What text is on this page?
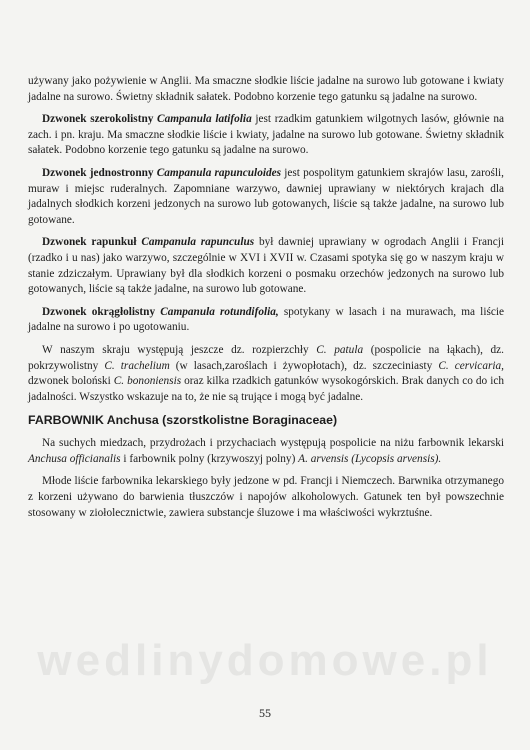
używany jako pożywienie w Anglii. Ma smaczne słodkie liście jadalne na surowo lub gotowane i kwiaty jadalne na surowo. Świetny składnik sałatek. Podobno korzenie tego gatunku są jadalne na surowo.

Dzwonek szerokolistny Campanula latifolia jest rzadkim gatunkiem wilgotnych lasów, głównie na zach. i pn. kraju. Ma smaczne słodkie liście i kwiaty, jadalne na surowo lub gotowane. Świetny składnik sałatek. Podobno korzenie tego gatunku są jadalne na surowo.

Dzwonek jednostronny Campanula rapunculoides jest pospolitym gatunkiem skrajów lasu, zarośli, muraw i miejsc ruderalnych. Zapomniane warzywo, dawniej uprawiany w niektórych krajach dla jadalnych słodkich korzeni jedzonych na surowo lub gotowanych, liście są także jadalne, na surowo lub gotowane.

Dzwonek rapunkuł Campanula rapunculus był dawniej uprawiany w ogrodach Anglii i Francji (rzadko i u nas) jako warzywo, szczególnie w XVI i XVII w. Czasami spotyka się go w naszym kraju w stanie zdziczałym. Uprawiany był dla słodkich korzeni o posmaku orzechów jedzonych na surowo lub gotowanych, liście są także jadalne, na surowo lub gotowane.

Dzwonek okrągłolistny Campanula rotundifolia, spotykany w lasach i na murawach, ma liście jadalne na surowo i po ugotowaniu.

W naszym skraju występują jeszcze dz. rozpierzchły C. patula (pospolicie na łąkach), dz. pokrzywolistny C. trachelium (w lasach,zaroślach i żywopłotach), dz. szczeciniasty C. cervicaria, dzwonek boloński C. bononiensis oraz kilka rzadkich gatunków wysokogórskich. Brak danych co do ich jadalności. Wszystko wskazuje na to, że nie są trujące i mogą być jadalne.

FARBOWNIK Anchusa (szorstkolistne Boraginaceae)

Na suchych miedzach, przydrożach i przychaciach występują pospolicie na niżu farbownik lekarski Anchusa officianalis i farbownik polny (krzywoszyj polny) A. arvensis (Lycopsis arvensis).

Młode liście farbownika lekarskiego były jedzone w pd. Francji i Niemczech. Barwnika otrzymanego z korzeni używano do barwienia tłuszczów i napojów alkoholowych. Gatunek ten był powszechnie stosowany w ziołolecznictwie, zawiera substancje śluzowe i ma właściwości wykrztuśne.

wedlinydomowe.pl
55
